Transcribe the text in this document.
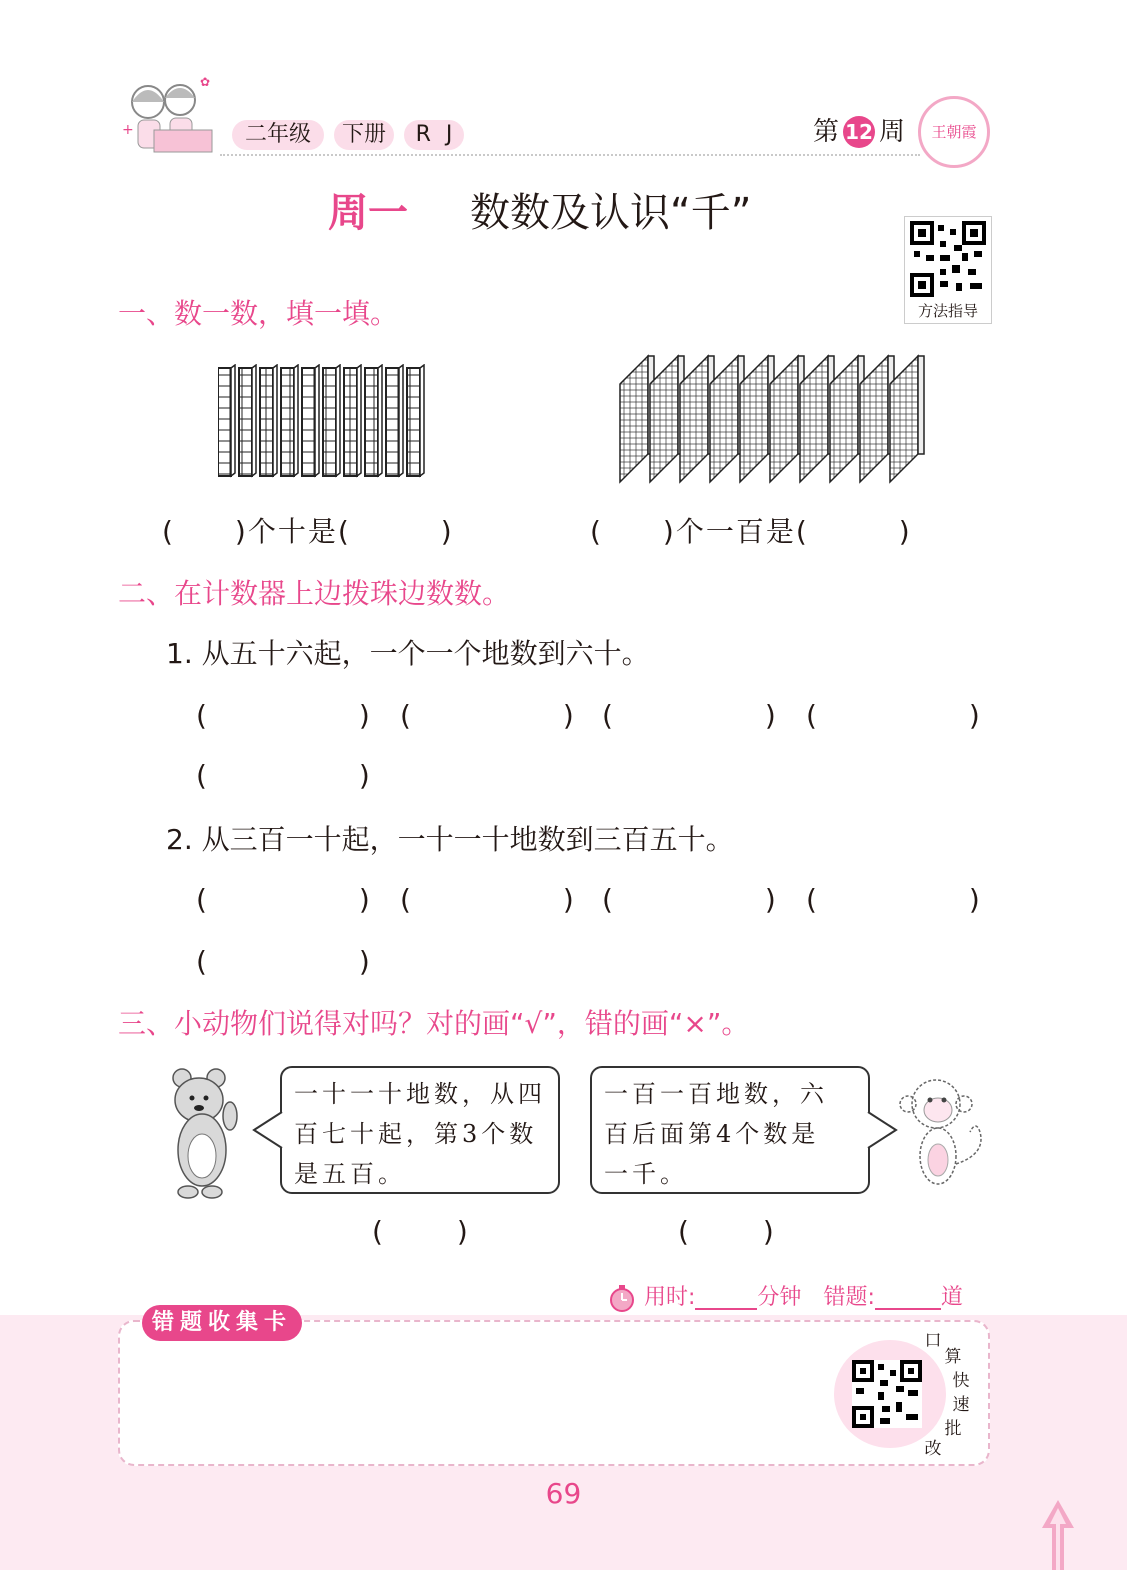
+
✿
二年级	下册	R J	第 12 周	王朝霞
周一 数数及认识“千”
方法指导
一、数一数，填一填。
(　　)个十是(　　　)	(　　)个一百是(　　　)
二、在计数器上边拨珠边数数。
1. 从五十六起，一个一个地数到六十。
(　　　　) (　　　　) (　　　　) (　　　　)
(　　　　)
2. 从三百一十起，一十一十地数到三百五十。
(　　　　) (　　　　) (　　　　) (　　　　)
(　　　　)
三、小动物们说得对吗？对的画“√”，错的画“×”。
一十一十地数，从四
百七十起，第3个数
是五百。
一百一百地数，六
百后面第4个数是
一千。
(　　)	(　　)
用时:	分钟 错题:	道
错题收集卡
口
算
快
速
批
改
69
